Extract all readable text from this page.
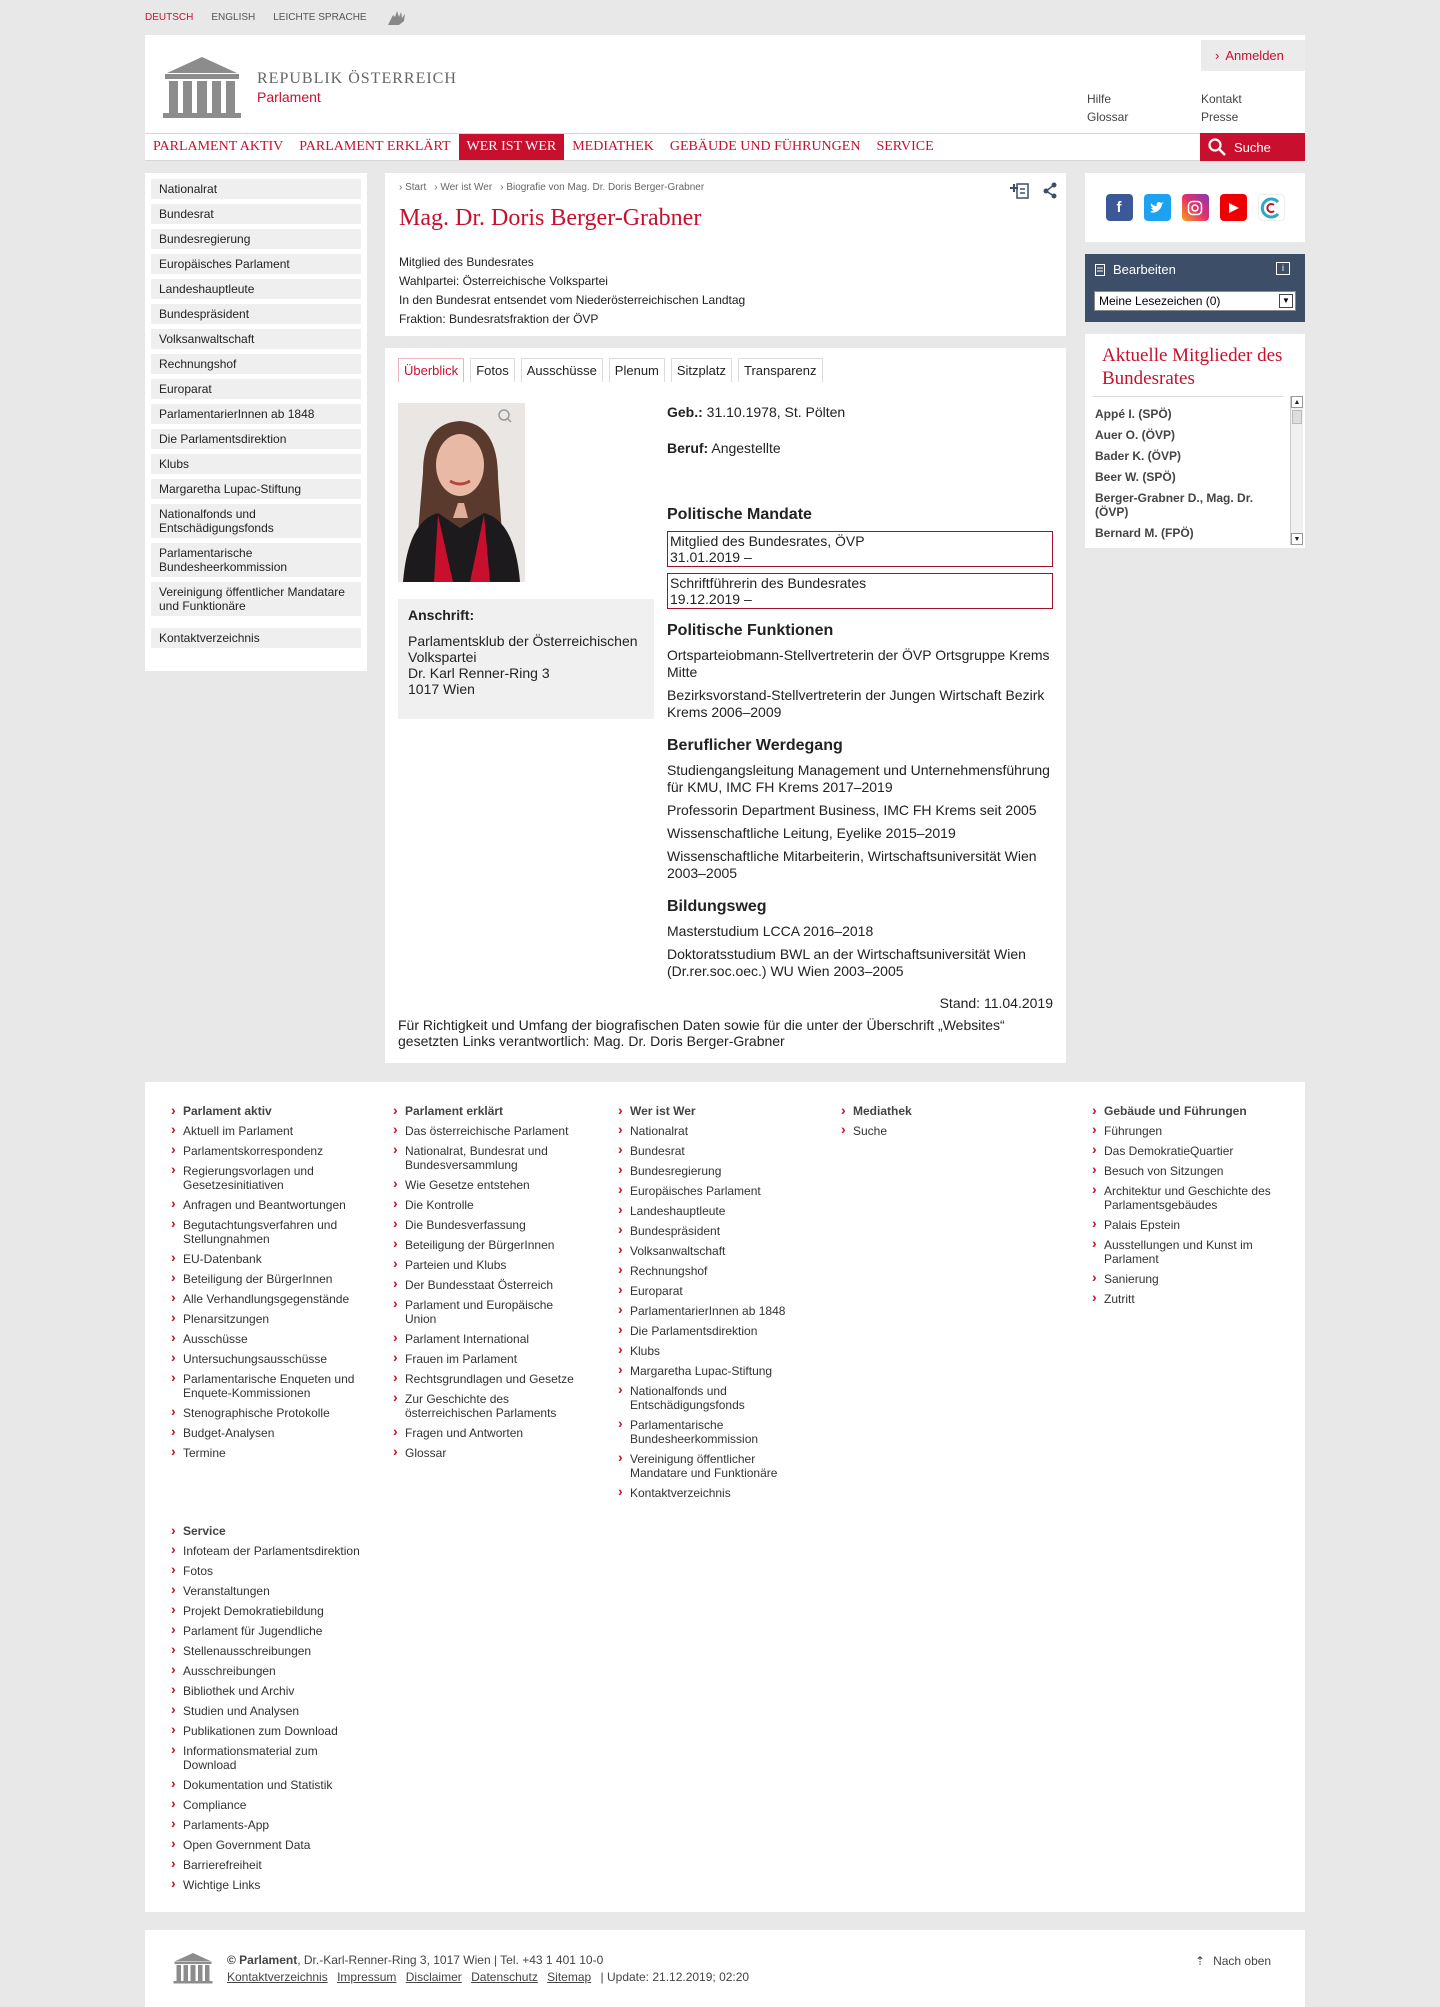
DEUTSCH ENGLISH LEICHTE SPRACHE
REPUBLIK ÖSTERREICH
Parlament
› Anmelden
Hilfe	Kontakt
Glossar	Presse
PARLAMENT AKTIV	PARLAMENT ERKLÄRT	WER IST WER	MEDIATHEK	GEBÄUDE UND FÜHRUNGEN	SERVICE	Suche
Nationalrat
Bundesrat
Bundesregierung
Europäisches Parlament
Landeshauptleute
Bundespräsident
Volksanwaltschaft
Rechnungshof
Europarat
ParlamentarierInnen ab 1848
Die Parlamentsdirektion
Klubs
Margaretha Lupac-Stiftung
Nationalfonds und Entschädigungsfonds
Parlamentarische Bundesheerkommission
Vereinigung öffentlicher Mandatare und Funktionäre
Kontaktverzeichnis
› Start	› Wer ist Wer	› Biografie von Mag. Dr. Doris Berger-Grabner
Mag. Dr. Doris Berger-Grabner
Mitglied des Bundesrates
Wahlpartei: Österreichische Volkspartei
In den Bundesrat entsendet vom Niederösterreichischen Landtag
Fraktion: Bundesratsfraktion der ÖVP
Überblick	Fotos	Ausschüsse	Plenum	Sitzplatz	Transparenz
Anschrift:
Parlamentsklub der Österreichischen Volkspartei
Dr. Karl Renner-Ring 3
1017 Wien
Geb.: 31.10.1978, St. Pölten
Beruf: Angestellte
Politische Mandate
Mitglied des Bundesrates, ÖVP
31.01.2019 –
Schriftführerin des Bundesrates
19.12.2019 –
Politische Funktionen
Ortsparteiobmann-Stellvertreterin der ÖVP Ortsgruppe Krems Mitte
Bezirksvorstand-Stellvertreterin der Jungen Wirtschaft Bezirk Krems 2006–2009
Beruflicher Werdegang
Studiengangsleitung Management und Unternehmensführung für KMU, IMC FH Krems 2017–2019
Professorin Department Business, IMC FH Krems seit 2005
Wissenschaftliche Leitung, Eyelike 2015–2019
Wissenschaftliche Mitarbeiterin, Wirtschaftsuniversität Wien 2003–2005
Bildungsweg
Masterstudium LCCA 2016–2018
Doktoratsstudium BWL an der Wirtschaftsuniversität Wien (Dr.rer.soc.oec.) WU Wien 2003–2005
Stand: 11.04.2019
Für Richtigkeit und Umfang der biografischen Daten sowie für die unter der Überschrift „Websites“ gesetzten Links verantwortlich: Mag. Dr. Doris Berger-Grabner
f
Bearbeiten	i
Meine Lesezeichen (0)	▼
Aktuelle Mitglieder des Bundesrates
Appé I. (SPÖ)
Auer O. (ÖVP)
Bader K. (ÖVP)
Beer W. (SPÖ)
Berger-Grabner D., Mag. Dr. (ÖVP)
Bernard M. (FPÖ)
▲
▼
› Parlament aktiv
› Aktuell im Parlament
› Parlamentskorrespondenz
› Regierungsvorlagen und Gesetzesinitiativen
› Anfragen und Beantwortungen
› Begutachtungsverfahren und Stellungnahmen
› EU-Datenbank
› Beteiligung der BürgerInnen
› Alle Verhandlungsgegenstände
› Plenarsitzungen
› Ausschüsse
› Untersuchungsausschüsse
› Parlamentarische Enqueten und Enquete-Kommissionen
› Stenographische Protokolle
› Budget-Analysen
› Termine
› Parlament erklärt
› Das österreichische Parlament
› Nationalrat, Bundesrat und Bundesversammlung
› Wie Gesetze entstehen
› Die Kontrolle
› Die Bundesverfassung
› Beteiligung der BürgerInnen
› Parteien und Klubs
› Der Bundesstaat Österreich
› Parlament und Europäische Union
› Parlament International
› Frauen im Parlament
› Rechtsgrundlagen und Gesetze
› Zur Geschichte des österreichischen Parlaments
› Fragen und Antworten
› Glossar
› Wer ist Wer
› Nationalrat
› Bundesrat
› Bundesregierung
› Europäisches Parlament
› Landeshauptleute
› Bundespräsident
› Volksanwaltschaft
› Rechnungshof
› Europarat
› ParlamentarierInnen ab 1848
› Die Parlamentsdirektion
› Klubs
› Margaretha Lupac-Stiftung
› Nationalfonds und Entschädigungsfonds
› Parlamentarische Bundesheerkommission
› Vereinigung öffentlicher Mandatare und Funktionäre
› Kontaktverzeichnis
› Mediathek
› Suche
› Gebäude und Führungen
› Führungen
› Das DemokratieQuartier
› Besuch von Sitzungen
› Architektur und Geschichte des Parlamentsgebäudes
› Palais Epstein
› Ausstellungen und Kunst im Parlament
› Sanierung
› Zutritt
› Service
› Infoteam der Parlamentsdirektion
› Fotos
› Veranstaltungen
› Projekt Demokratiebildung
› Parlament für Jugendliche
› Stellenausschreibungen
› Ausschreibungen
› Bibliothek und Archiv
› Studien und Analysen
› Publikationen zum Download
› Informationsmaterial zum Download
› Dokumentation und Statistik
› Compliance
› Parlaments-App
› Open Government Data
› Barrierefreiheit
› Wichtige Links
© Parlament, Dr.-Karl-Renner-Ring 3, 1017 Wien | Tel. +43 1 401 10-0
Kontaktverzeichnis Impressum Disclaimer Datenschutz Sitemap | Update: 21.12.2019; 02:20
⇡ Nach oben
